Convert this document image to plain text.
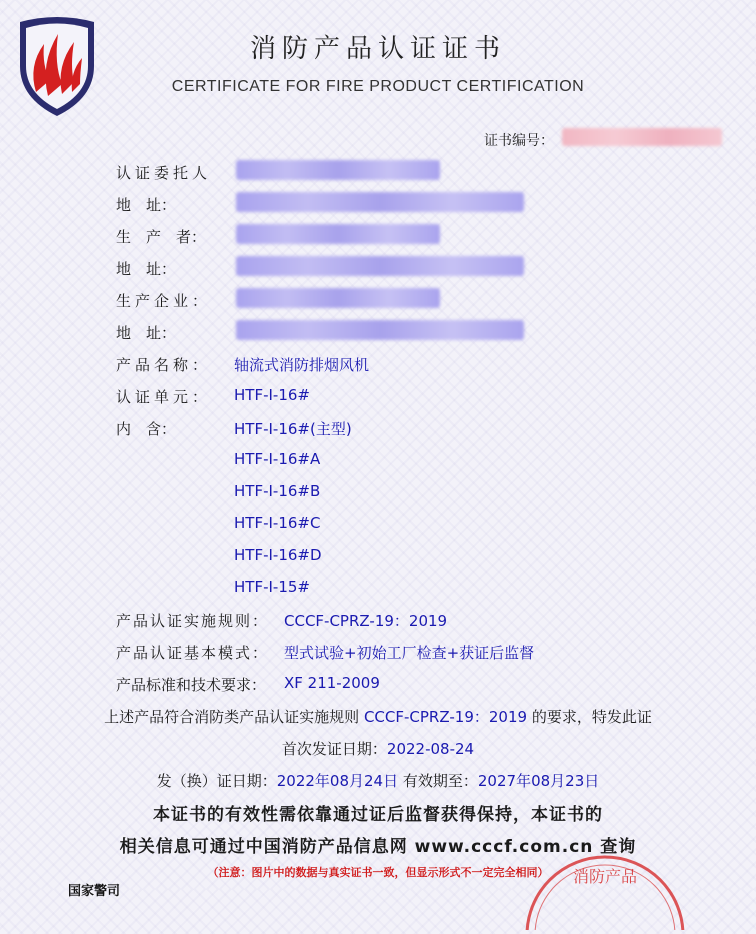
消防产品认证证书
CERTIFICATE FOR FIRE PRODUCT CERTIFICATION
证书编号：
认证委托人
地　址：
生　产　者：
地　址：
生产企业：
地　址：
产品名称： 轴流式消防排烟风机
认证单元： HTF-I-16#
内　含：	HTF-I-16#(主型)
HTF-I-16#A
HTF-I-16#B
HTF-I-16#C
HTF-I-16#D
HTF-I-15#
产品认证实施规则： CCCF-CPRZ-19：2019
产品认证基本模式： 型式试验+初始工厂检查+获证后监督
产品标准和技术要求： XF 211-2009
上述产品符合消防类产品认证实施规则 CCCF-CPRZ-19：2019 的要求，特发此证
首次发证日期：2022-08-24
发（换）证日期：2022年08月24日 有效期至：2027年08月23日
本证书的有效性需依靠通过证后监督获得保持，本证书的
相关信息可通过中国消防产品信息网 www.cccf.com.cn 查询
消防产品
（注意：图片中的数据与真实证书一致，但显示形式不一定完全相同）
国家警司
